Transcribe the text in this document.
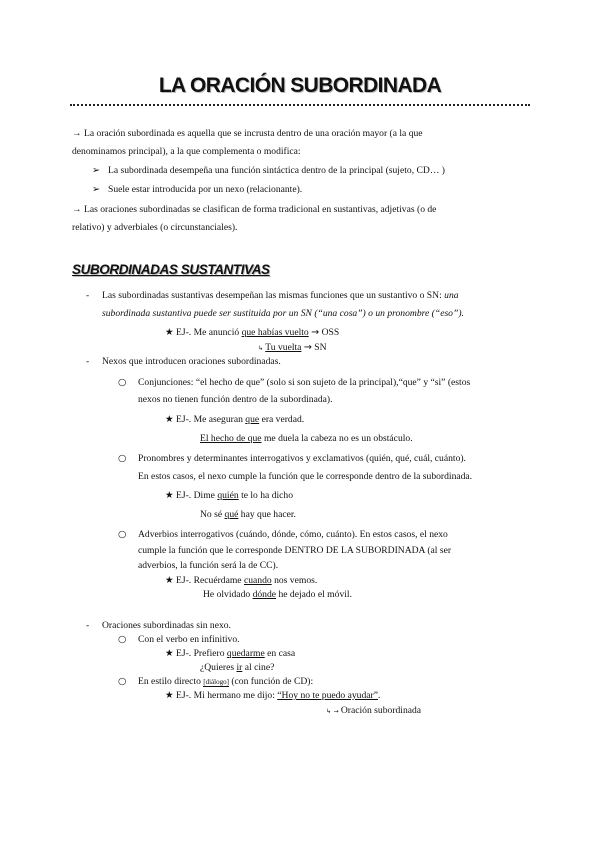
LA ORACIÓN SUBORDINADA
→ La oración subordinada es aquella que se incrusta dentro de una oración mayor (a la que
denominamos principal), a la que complementa o modifica:
➢ La subordinada desempeña una función sintáctica dentro de la principal (sujeto, CD… )
➢ Suele estar introducida por un nexo (relacionante).
→ Las oraciones subordinadas se clasifican de forma tradicional en sustantivas, adjetivas (o de
relativo) y adverbiales (o circunstanciales).
SUBORDINADAS SUSTANTIVAS
- Las subordinadas sustantivas desempeñan las mismas funciones que un sustantivo o SN: una
subordinada sustantiva puede ser sustituida por un SN (“una cosa”) o un pronombre (“eso”).
★ EJ-. Me anunció que habías vuelto → OSS
↳ Tu vuelta → SN
- Nexos que introducen oraciones subordinadas.
○ Conjunciones: “el hecho de que” (solo si son sujeto de la principal),“que” y “si” (estos
nexos no tienen función dentro de la subordinada).
★ EJ-. Me aseguran que era verdad.
El hecho de que me duela la cabeza no es un obstáculo.
○ Pronombres y determinantes interrogativos y exclamativos (quién, qué, cuál, cuánto).
En estos casos, el nexo cumple la función que le corresponde dentro de la subordinada.
★ EJ-. Dime quién te lo ha dicho
No sé qué hay que hacer.
○ Adverbios interrogativos (cuándo, dónde, cómo, cuánto). En estos casos, el nexo
cumple la función que le corresponde DENTRO DE LA SUBORDINADA (al ser
adverbios, la función será la de CC).
★ EJ-. Recuérdame cuando nos vemos.
He olvidado dónde he dejado el móvil.
- Oraciones subordinadas sin nexo.
○ Con el verbo en infinitivo.
★ EJ-. Prefiero quedarme en casa
¿Quieres ir al cine?
○ En estilo directo [diálogo] (con función de CD):
★ EJ-. Mi hermano me dijo: “Hoy no te puedo ayudar”.
↳ → Oración subordinada
